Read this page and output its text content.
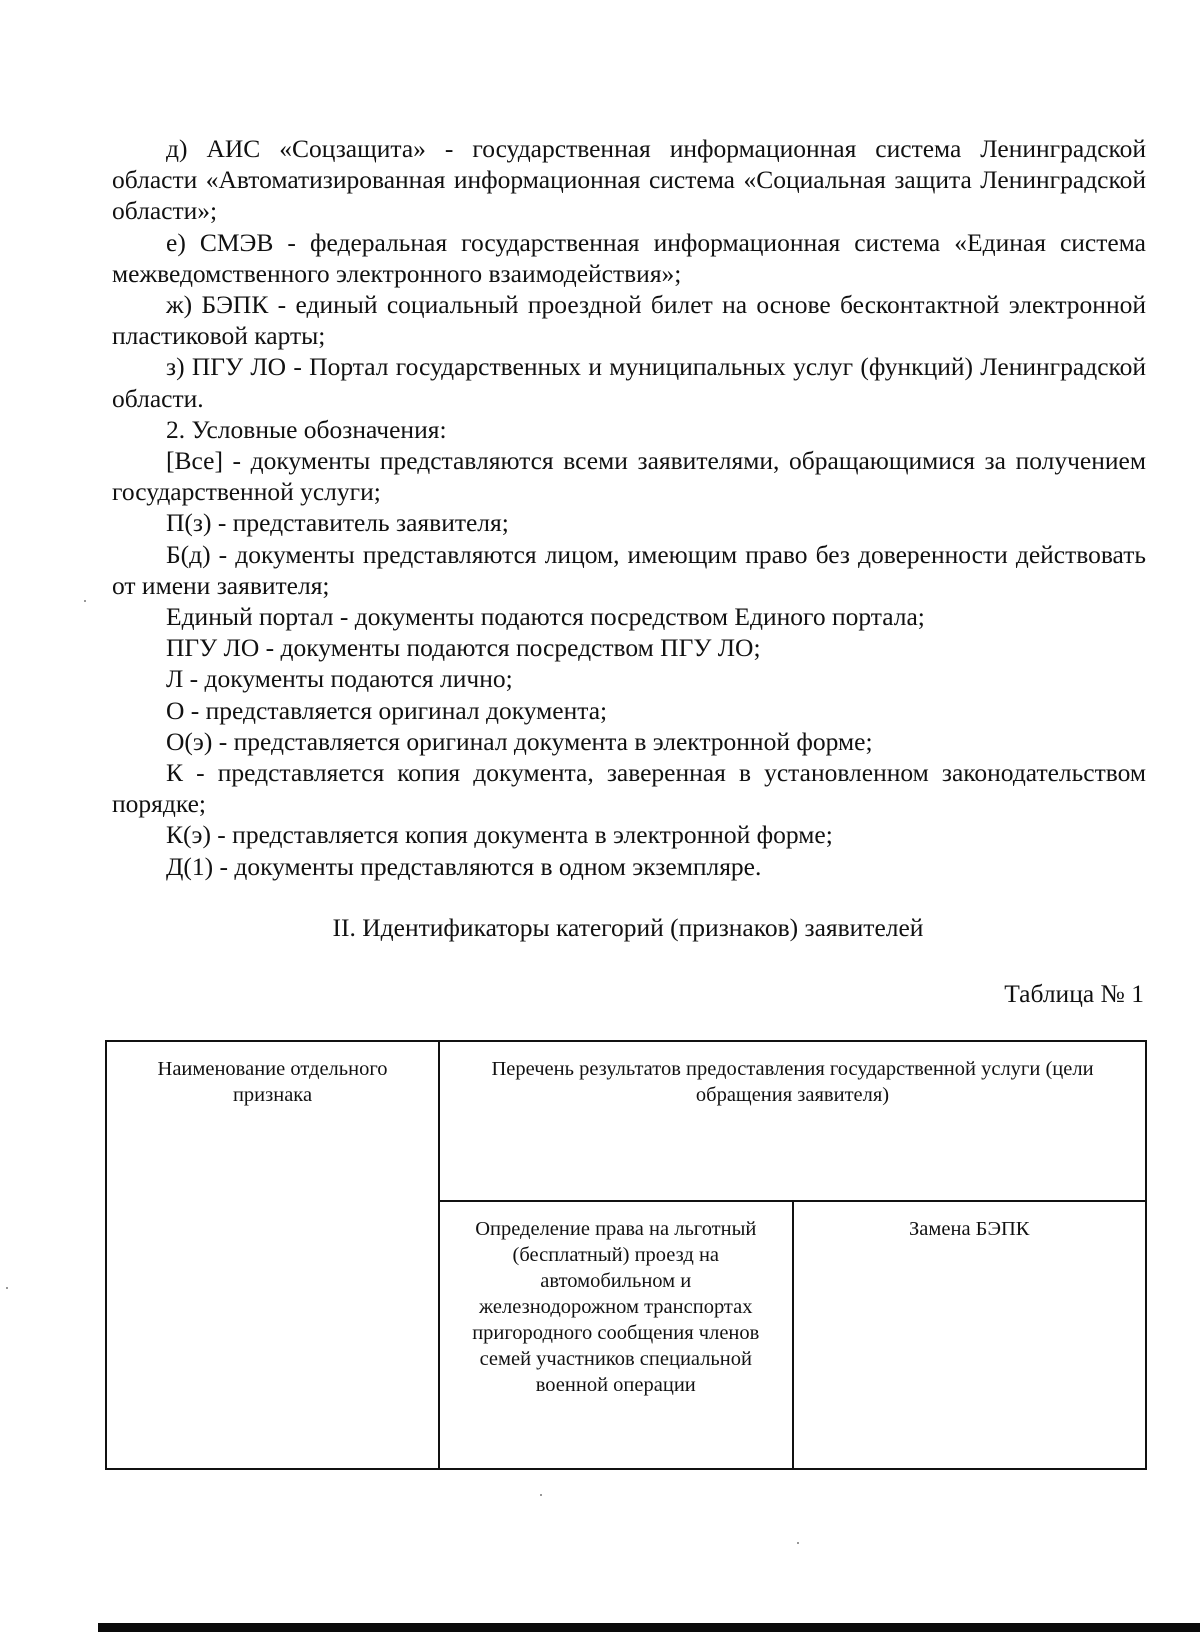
д) АИС «Соцзащита» - государственная информационная система Ленинградской области «Автоматизированная информационная система «Социальная защита Ленинградской области»;

е) СМЭВ - федеральная государственная информационная система «Единая система межведомственного электронного взаимодействия»;

ж) БЭПК - единый социальный проездной билет на основе бесконтактной электронной пластиковой карты;

з) ПГУ ЛО - Портал государственных и муниципальных услуг (функций) Ленинградской области.

2. Условные обозначения:

[Все] - документы представляются всеми заявителями, обращающимися за получением государственной услуги;

П(з) - представитель заявителя;

Б(д) - документы представляются лицом, имеющим право без доверенности действовать от имени заявителя;

Единый портал - документы подаются посредством Единого портала;

ПГУ ЛО - документы подаются посредством ПГУ ЛО;

Л - документы подаются лично;

О - представляется оригинал документа;

О(э) - представляется оригинал документа в электронной форме;

К - представляется копия документа, заверенная в установленном законодательством порядке;

К(э) - представляется копия документа в электронной форме;

Д(1) - документы представляются в одном экземпляре.

II. Идентификаторы категорий (признаков) заявителей

Таблица № 1

Наименование отдельного признака	Перечень результатов предоставления государственной услуги (цели обращения заявителя)	

	Определение права на льготный (бесплатный) проезд на автомобильном и железнодорожном транспортах пригородного сообщения членов семей участников специальной военной операции	Замена БЭПК
